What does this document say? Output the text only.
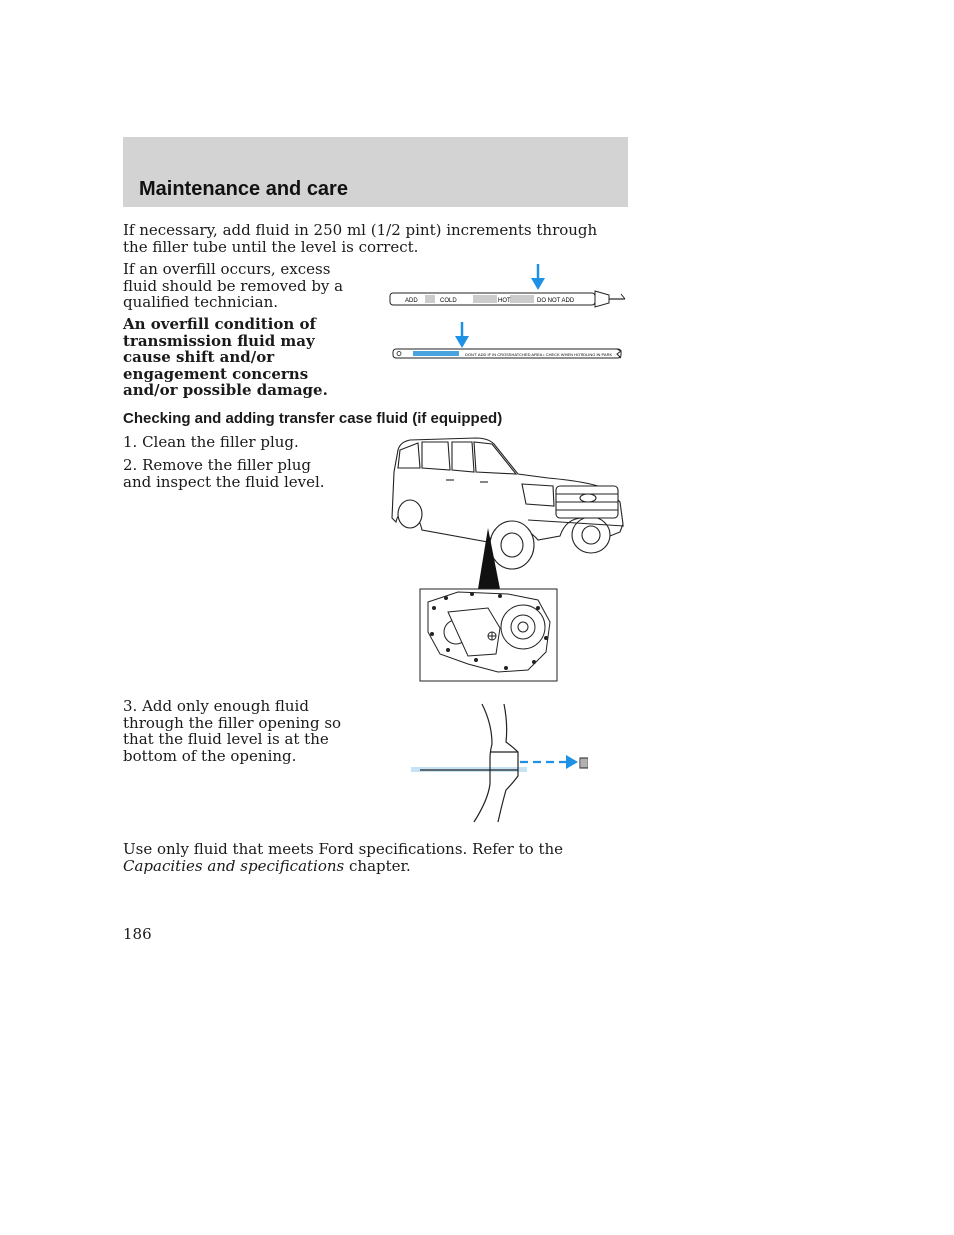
Maintenance and care

If necessary, add fluid in 250 ml (1/2 pint) increments through the filler tube until the level is correct.

If an overfill occurs, excess fluid should be removed by a qualified technician.

An overfill condition of transmission fluid may cause shift and/or engagement concerns and/or possible damage.

ADD	COLD	HOT	DO NOT ADD
DON'T ADD IF IN CROSSHATCHED AREA • CHECK WHEN HOT IDLING IN PARK
Checking and adding transfer case fluid (if equipped)

1. Clean the filler plug.

2. Remove the filler plug and inspect the fluid level.

3. Add only enough fluid through the filler opening so that the fluid level is at the bottom of the opening.

Use only fluid that meets Ford specifications. Refer to the Capacities and specifications chapter.

186
